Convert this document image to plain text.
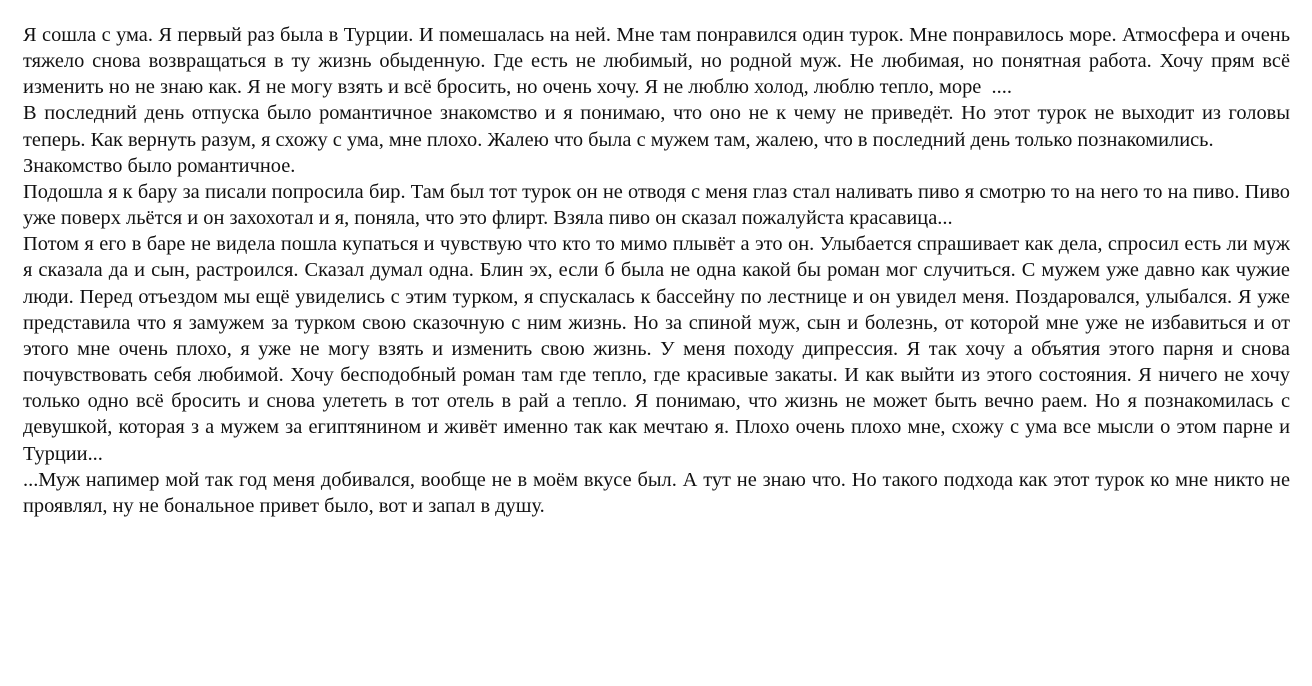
Я сошла с ума. Я первый раз была в Турции. И помешалась на ней. Мне там понравился один турок. Мне понравилось море. Атмосфера и очень тяжело снова возвращаться в ту жизнь обыденную. Где есть не любимый, но родной муж. Не любимая, но понятная работа. Хочу прям всё изменить но не знаю как. Я не могу взять и всё бросить, но очень хочу. Я не люблю холод, люблю тепло, море  ....

В последний день отпуска было романтичное знакомство и я понимаю, что оно не к чему не приведёт. Но этот турок не выходит из головы теперь. Как вернуть разум, я схожу с ума, мне плохо. Жалею что была с мужем там, жалею, что в последний день только познакомились.

Знакомство было романтичное.

Подошла я к бару за писали попросила бир. Там был тот турок он не отводя с меня глаз стал наливать пиво я смотрю то на него то на пиво. Пиво уже поверх льётся и он захохотал и я, поняла, что это флирт. Взяла пиво он сказал пожалуйста красавица...

Потом я его в баре не видела пошла купаться и чувствую что кто то мимо плывёт а это он. Улыбается спрашивает как дела, спросил есть ли муж я сказала да и сын, растроился. Сказал думал одна. Блин эх, если б была не одна какой бы роман мог случиться. С мужем уже давно как чужие люди. Перед отъездом мы ещё увиделись с этим турком, я спускалась к бассейну по лестнице и он увидел меня. Поздаровался, улыбался. Я уже представила что я замужем за турком свою сказочную с ним жизнь. Но за спиной муж, сын и болезнь, от которой мне уже не избавиться и от этого мне очень плохо, я уже не могу взять и изменить свою жизнь. У меня походу дипрессия. Я так хочу а объятия этого парня и снова почувствовать себя любимой. Хочу бесподобный роман там где тепло, где красивые закаты. И как выйти из этого состояния. Я ничего не хочу  только одно всё бросить и снова улететь в тот отель в рай а тепло. Я понимаю, что жизнь не может быть вечно раем. Но я познакомилась с девушкой, которая з а мужем за египтянином и живёт именно так как мечтаю я. Плохо очень плохо мне, схожу с ума все мысли о этом парне и Турции...

...Муж напимер мой так год меня добивался, вообще не в моём вкусе был. А тут не знаю что. Но такого подхода как этот турок ко мне никто не проявлял, ну не бональное привет было, вот и запал в душу.
